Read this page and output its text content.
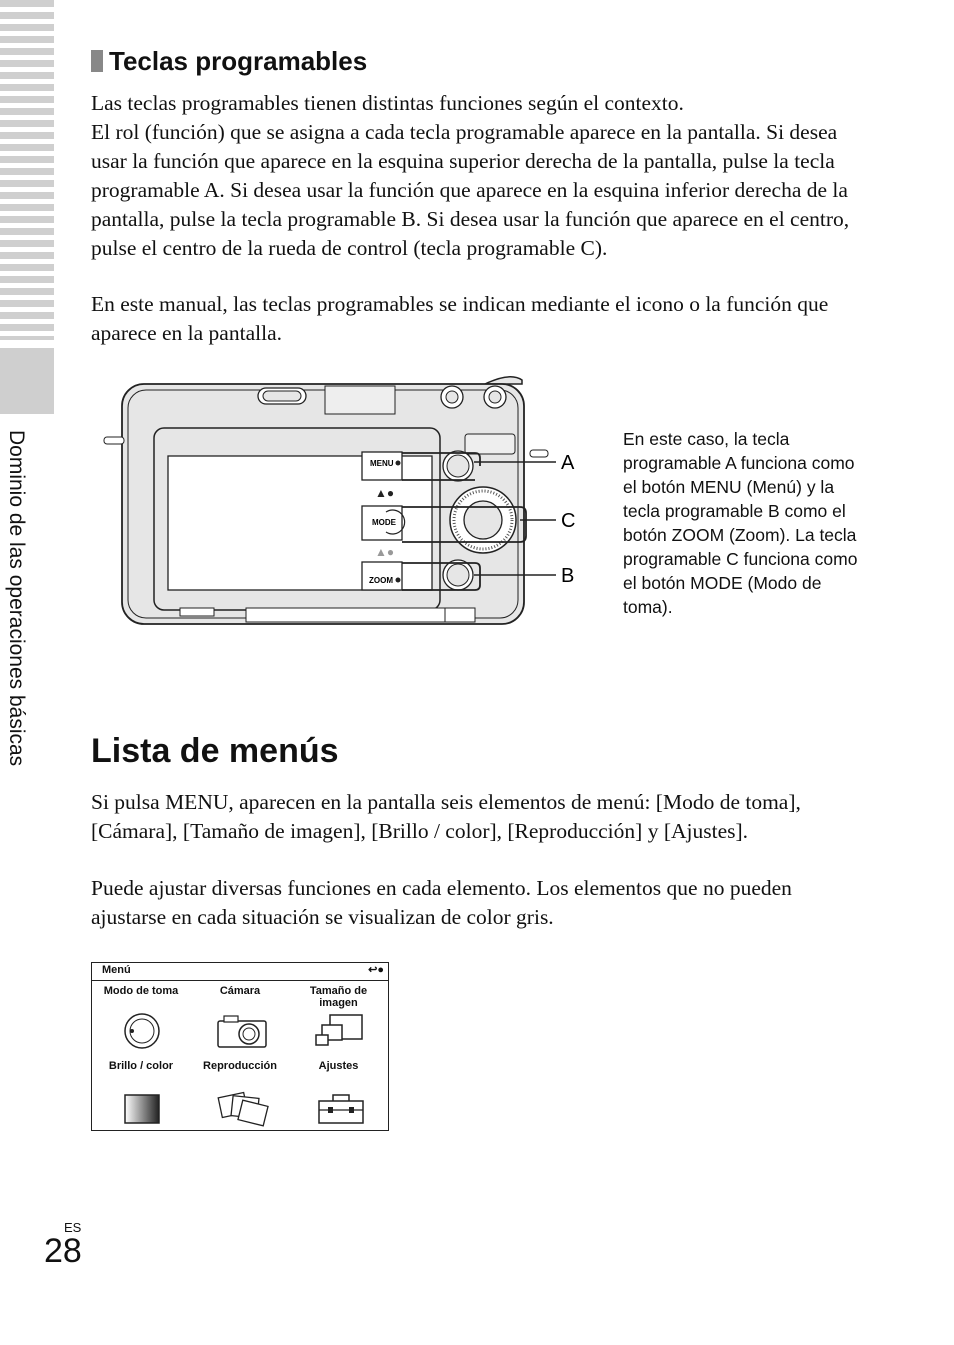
Dominio de las operaciones básicas
Teclas programables

Las teclas programables tienen distintas funciones según el contexto.

El rol (función) que se asigna a cada tecla programable aparece en la pantalla. Si desea usar la función que aparece en la esquina superior derecha de la pantalla, pulse la tecla programable A. Si desea usar la función que aparece en la esquina inferior derecha de la pantalla, pulse la tecla programable B. Si desea usar la función que aparece en el centro, pulse el centro de la rueda de control (tecla programable C).

En este manual, las teclas programables se indican mediante el icono o la función que aparece en la pantalla.

MENU
▲●
MODE
▲●
ZOOM
A
C
B

En este caso, la tecla programable A funciona como el botón MENU (Menú) y la tecla programable B como el botón ZOOM (Zoom). La tecla programable C funciona como el botón MODE (Modo de toma).

Lista de menús

Si pulsa MENU, aparecen en la pantalla seis elementos de menú: [Modo de toma], [Cámara], [Tamaño de imagen], [Brillo / color], [Reproducción] y [Ajustes].

Puede ajustar diversas funciones en cada elemento. Los elementos que no pueden ajustarse en cada situación se visualizan de color gris.

Menú	↩●
Modo de toma	Cámara	Tamaño de imagen
Brillo / color	Reproducción	Ajustes
ES
28
